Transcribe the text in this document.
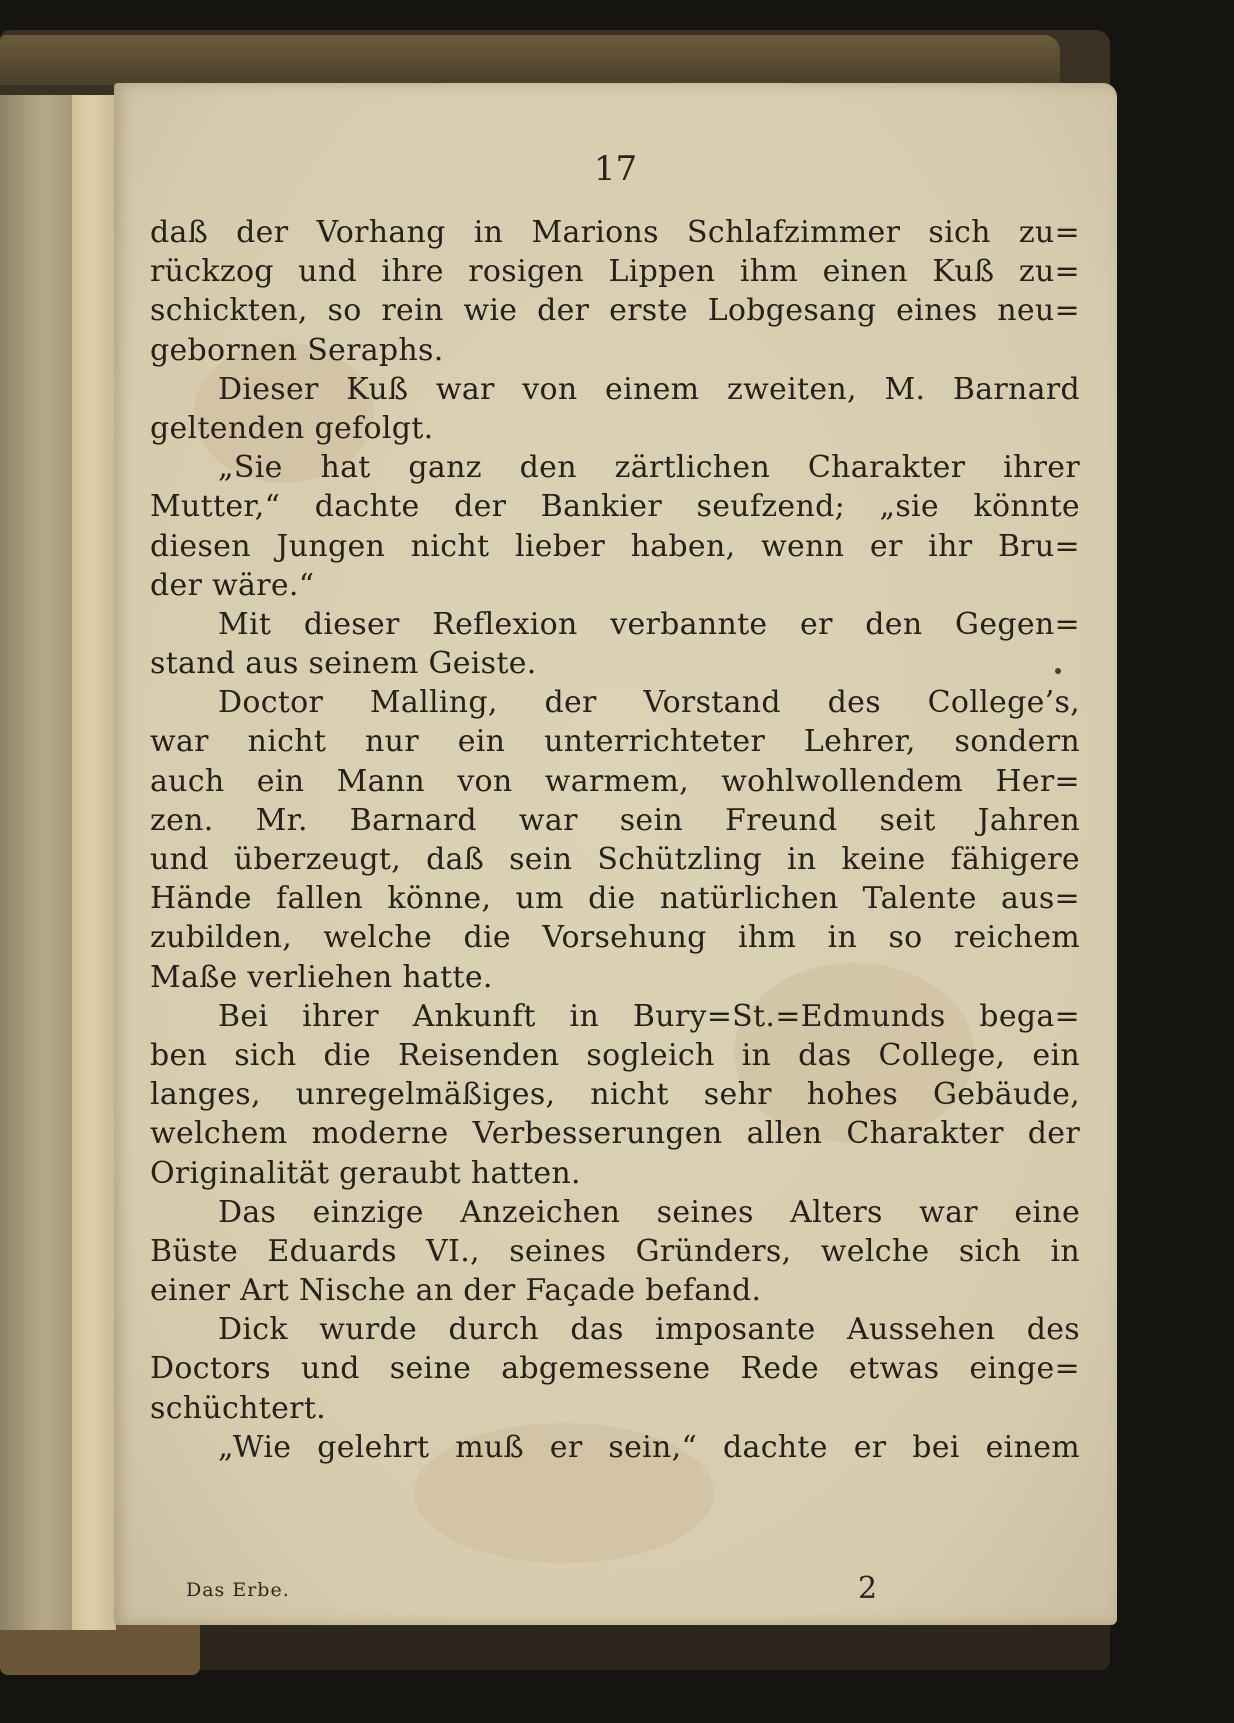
17

daß der Vorhang in Marions Schlafzimmer sich zu=
rückzog und ihre rosigen Lippen ihm einen Kuß zu=
schickten, so rein wie der erste Lobgesang eines neu=
gebornen Seraphs.
Dieser Kuß war von einem zweiten, M. Barnard
geltenden gefolgt.
„Sie hat ganz den zärtlichen Charakter ihrer
Mutter,“ dachte der Bankier seufzend; „sie könnte
diesen Jungen nicht lieber haben, wenn er ihr Bru=
der wäre.“
Mit dieser Reflexion verbannte er den Gegen=
stand aus seinem Geiste.
Doctor Malling, der Vorstand des College’s,
war nicht nur ein unterrichteter Lehrer, sondern
auch ein Mann von warmem, wohlwollendem Her=
zen. Mr. Barnard war sein Freund seit Jahren
und überzeugt, daß sein Schützling in keine fähigere
Hände fallen könne, um die natürlichen Talente aus=
zubilden, welche die Vorsehung ihm in so reichem
Maße verliehen hatte.
Bei ihrer Ankunft in Bury=St.=Edmunds bega=
ben sich die Reisenden sogleich in das College, ein
langes, unregelmäßiges, nicht sehr hohes Gebäude,
welchem moderne Verbesserungen allen Charakter der
Originalität geraubt hatten.
Das einzige Anzeichen seines Alters war eine
Büste Eduards VI., seines Gründers, welche sich in
einer Art Nische an der Façade befand.
Dick wurde durch das imposante Aussehen des
Doctors und seine abgemessene Rede etwas einge=
schüchtert.
„Wie gelehrt muß er sein,“ dachte er bei einem
Das Erbe.	2
